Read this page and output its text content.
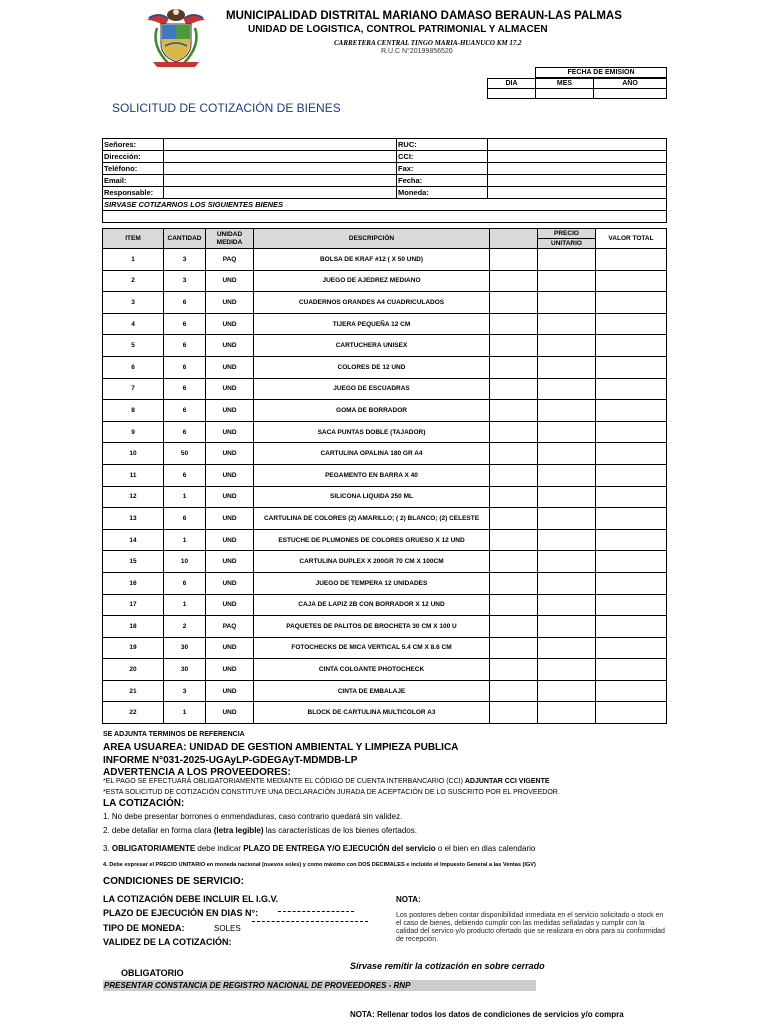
MUNICIPALIDAD DISTRITAL MARIANO DAMASO BERAUN-LAS PALMAS
UNIDAD DE LOGISTICA, CONTROL PATRIMONIAL Y ALMACEN
CARRETERA CENTRAL TINGO MARIA-HUANUCO KM 17.2
R.U.C N°20199856520
FECHA DE EMISION
DIA	MES	AÑO

SOLICITUD DE COTIZACIÓN DE BIENES
Señores:		RUC:	
Dirección:		CCI:	
Teléfono:		Fax:	
Email:		Fecha:	
Responsable:		Moneda:	
SIRVASE COTIZARNOS LOS SIGUIENTES BIENES			

ITEM	CANTIDAD	UNIDAD MEDIDA	DESCRIPCIÓN		PRECIO	VALOR TOTAL
					UNITARIO	
1	3	PAQ	BOLSA DE KRAF #12 ( X 50 UND)			
2	3	UND	JUEGO DE AJEDREZ MEDIANO			
3	6	UND	CUADERNOS GRANDES A4 CUADRICULADOS			
4	6	UND	TIJERA PEQUEÑA 12 CM			
5	6	UND	CARTUCHERA UNISEX			
6	6	UND	COLORES DE 12 UND			
7	6	UND	JUEGO DE ESCUADRAS			
8	6	UND	GOMA DE BORRADOR			
9	6	UND	SACA PUNTAS DOBLE (TAJADOR)			
10	50	UND	CARTULINA OPALINA 180 GR A4			
11	6	UND	PEGAMENTO EN BARRA X 40			
12	1	UND	SILICONA LIQUIDA 250 ML			
13	6	UND	CARTULINA DE COLORES (2) AMARILLO; ( 2) BLANCO; (2) CELESTE			
14	1	UND	ESTUCHE DE PLUMONES DE COLORES GRUESO X 12 UND			
15	10	UND	CARTULINA DUPLEX X 200GR 70 CM X 100CM			
16	6	UND	JUEGO DE TEMPERA 12 UNIDADES			
17	1	UND	CAJA DE LAPIZ 2B CON BORRADOR X 12 UND			
18	2	PAQ	PAQUETES DE PALITOS DE BROCHETA 30 CM X 100 U			
19	30	UND	FOTOCHECKS DE MICA VERTICAL 5.4 CM X 8.6 CM			
20	30	UND	CINTA COLGANTE PHOTOCHECK			
21	3	UND	CINTA DE EMBALAJE			
22	1	UND	BLOCK DE CARTULINA MULTICOLOR A3			
SE ADJUNTA TERMINOS DE REFERENCIA
AREA USUAREA: UNIDAD DE GESTION AMBIENTAL Y LIMPIEZA PUBLICA
INFORME N°031-2025-UGAyLP-GDEGAyT-MDMDB-LP
ADVERTENCIA A LOS PROVEEDORES:
*EL PAGO SE EFECTUARÁ OBLIGATORIAMENTE MEDIANTE EL CÓDIGO DE CUENTA INTERBANCARIO (CCI) ADJUNTAR CCI VIGENTE
*ESTA SOLICITUD DE COTIZACIÓN CONSTITUYE UNA DECLARACIÓN JURADA DE ACEPTACIÓN DE LO SUSCRITO POR EL PROVEEDOR.
LA COTIZACIÓN:
1. No debe presentar borrones o enmendaduras, caso contrario quedará sin validez.
2. debe detallar en forma clara (letra legible) las características de los bienes ofertados.
3. OBLIGATORIAMENTE debe indicar PLAZO DE ENTREGA Y/O EJECUCIÓN del servicio o el bien en dias calendario
4. Debe expresar el PRECIO UNITARIO en moneda nacional (nuevos soles) y como máximo con DOS DECIMALES e incluido el Impuesto General a las Ventas (IGV)
CONDICIONES DE SERVICIO:
LA COTIZACIÓN DEBE INCLUIR EL I.G.V.
PLAZO DE EJECUCIÓN EN DIAS N°:
TIPO DE MONEDA:	SOLES
VALIDEZ DE LA COTIZACIÓN:
NOTA:
Los postores deben contar disponibilidad inmediata en el servicio solicitado o stock en el caso de bienes, debiendo cumplir con las medidas señaladas y cumplir con la calidad del servico y/o producto ofertado que se realizara en obra para su conformidad de recepción.
Sírvase remitir la cotización en sobre cerrado
OBLIGATORIO
PRESENTAR CONSTANCIA DE REGISTRO NACIONAL DE PROVEEDORES - RNP
NOTA: Rellenar todos los datos de condiciones de servicios y/o compra
